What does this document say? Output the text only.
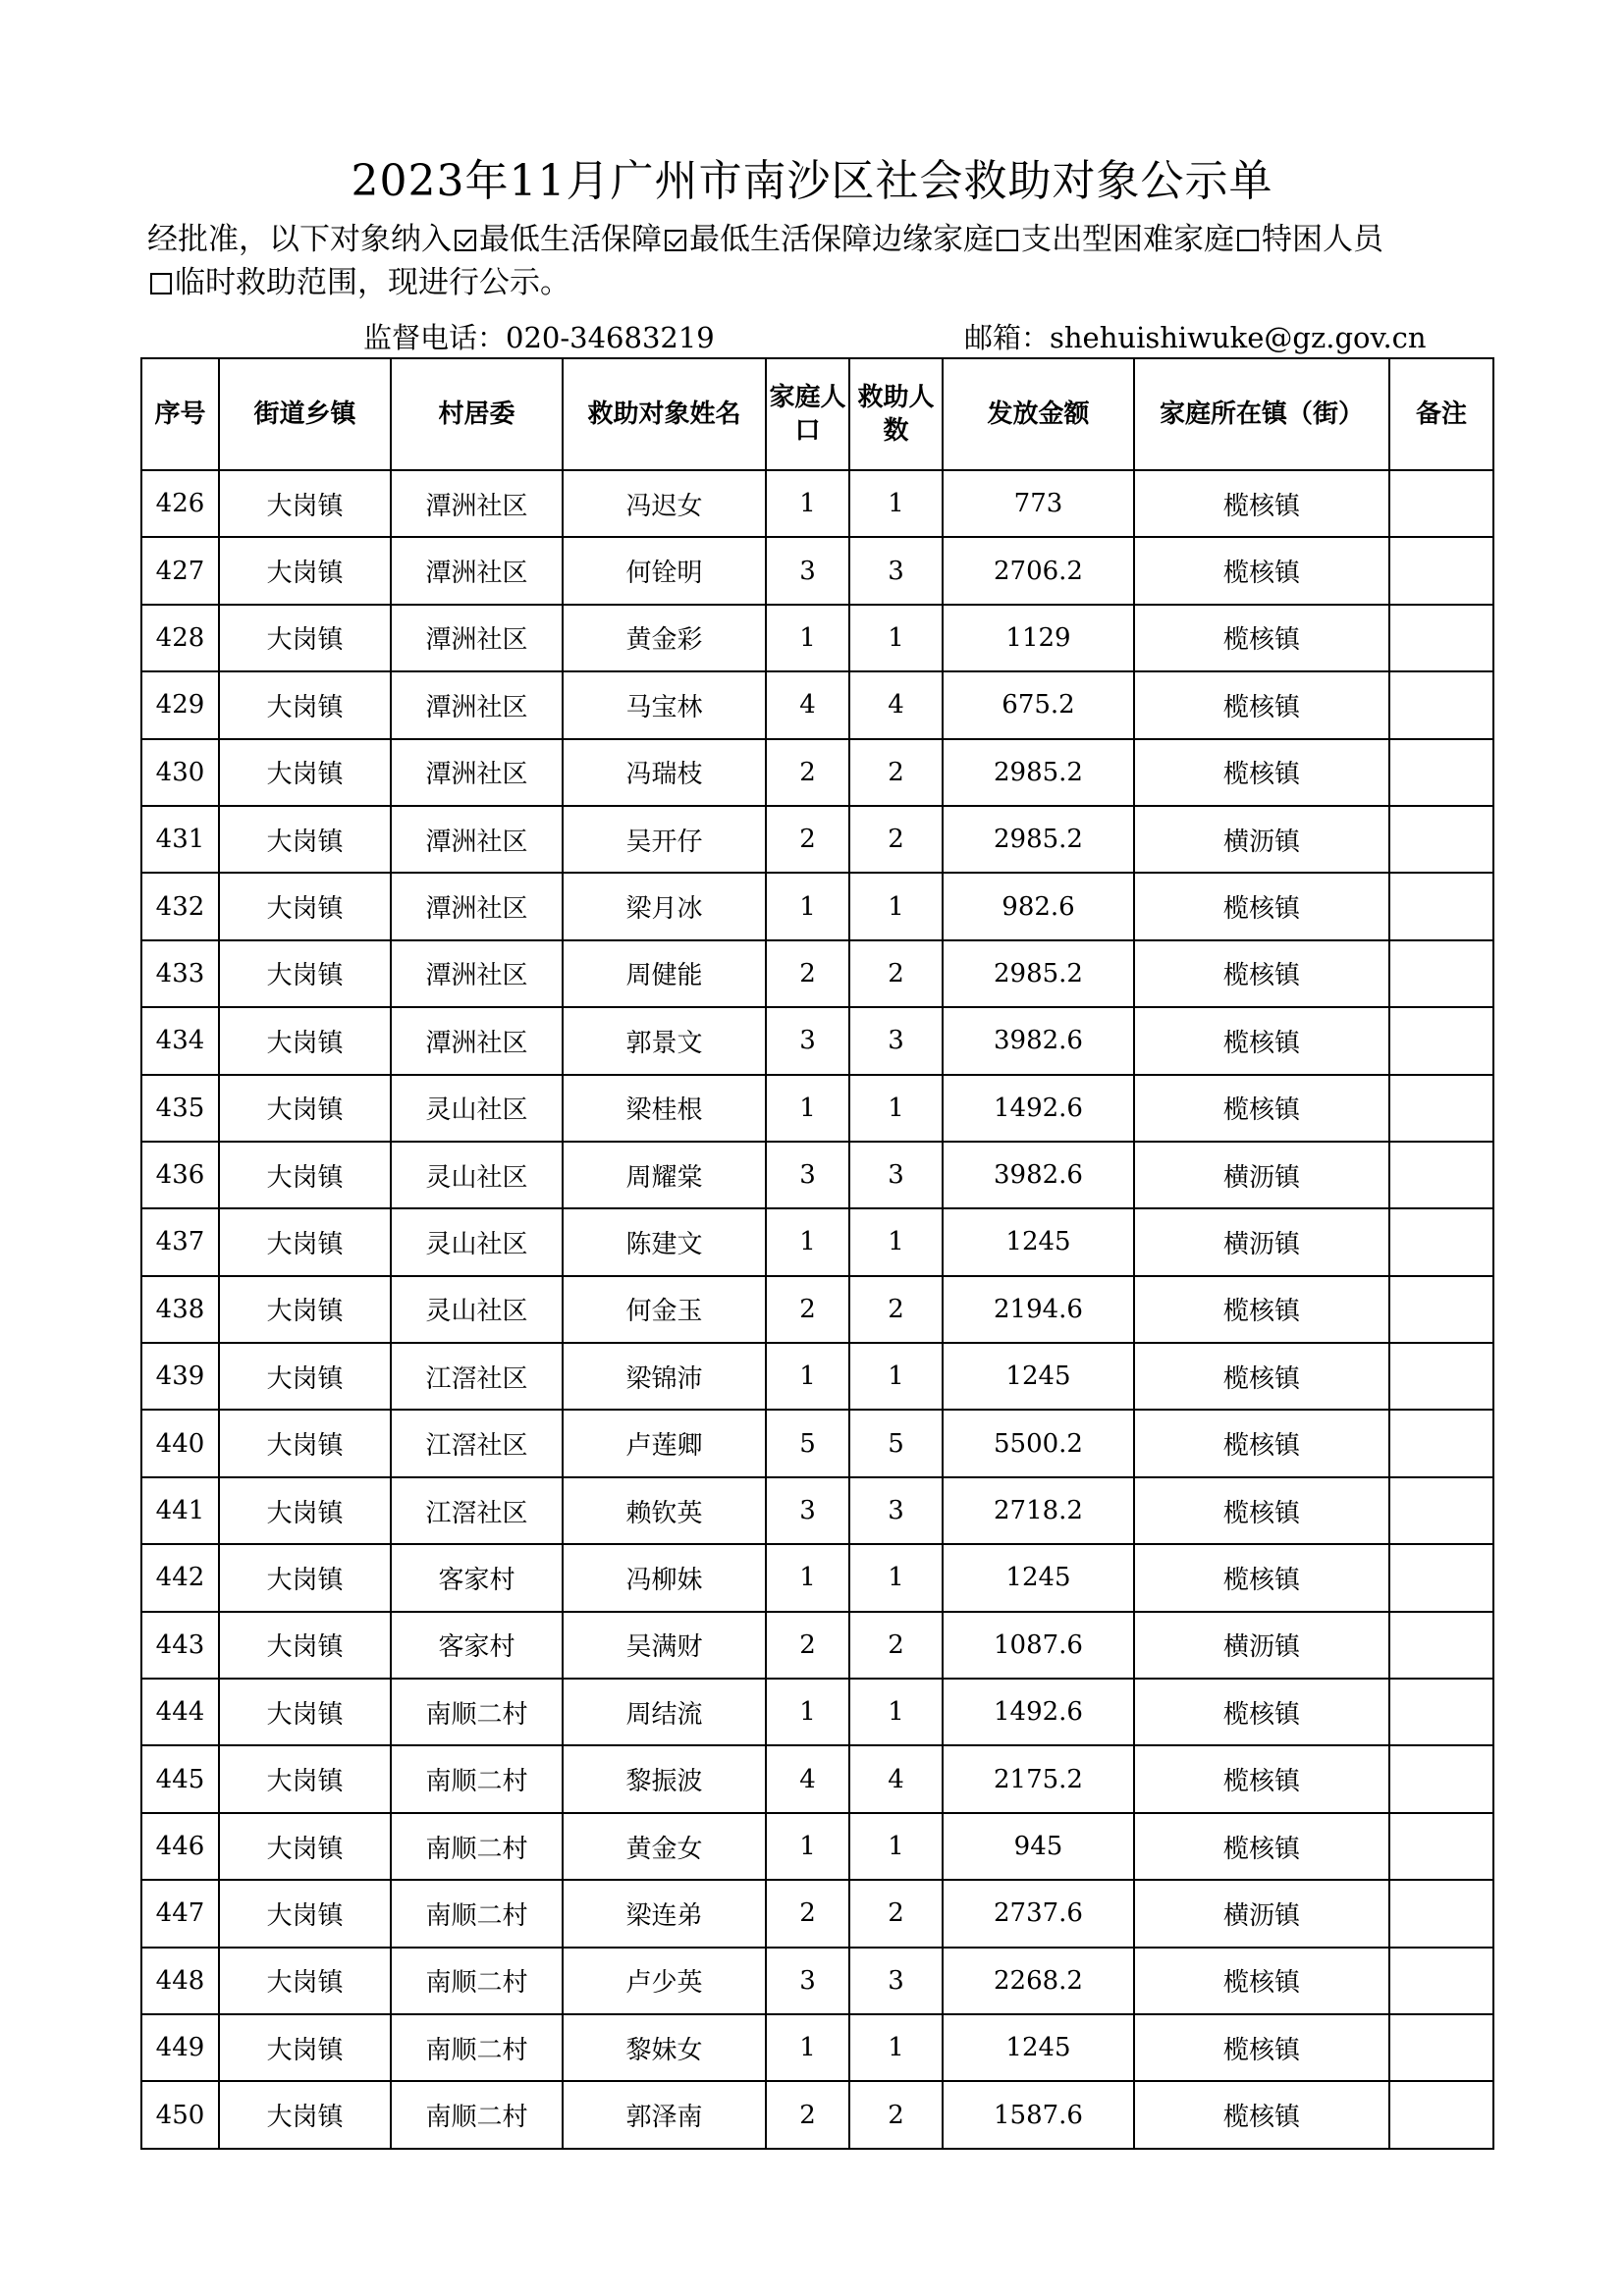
2023年11月广州市南沙区社会救助对象公示单
经批准，以下对象纳入 最低生活保障 最低生活保障边缘家庭 支出型困难家庭 特困人员
临时救助范围，现进行公示。
监督电话：020-34683219	邮箱：shehuishiwuke@gz.gov.cn
序号	街道乡镇	村居委	救助对象姓名	家庭人口	救助人数	发放金额	家庭所在镇（街）	备注
426	大岗镇	潭洲社区	冯迟女	1	1	773	榄核镇	
427	大岗镇	潭洲社区	何铨明	3	3	2706.2	榄核镇	
428	大岗镇	潭洲社区	黄金彩	1	1	1129	榄核镇	
429	大岗镇	潭洲社区	马宝林	4	4	675.2	榄核镇	
430	大岗镇	潭洲社区	冯瑞枝	2	2	2985.2	榄核镇	
431	大岗镇	潭洲社区	吴开仔	2	2	2985.2	横沥镇	
432	大岗镇	潭洲社区	梁月冰	1	1	982.6	榄核镇	
433	大岗镇	潭洲社区	周健能	2	2	2985.2	榄核镇	
434	大岗镇	潭洲社区	郭景文	3	3	3982.6	榄核镇	
435	大岗镇	灵山社区	梁桂根	1	1	1492.6	榄核镇	
436	大岗镇	灵山社区	周耀棠	3	3	3982.6	横沥镇	
437	大岗镇	灵山社区	陈建文	1	1	1245	横沥镇	
438	大岗镇	灵山社区	何金玉	2	2	2194.6	榄核镇	
439	大岗镇	江滘社区	梁锦沛	1	1	1245	榄核镇	
440	大岗镇	江滘社区	卢莲卿	5	5	5500.2	榄核镇	
441	大岗镇	江滘社区	赖钦英	3	3	2718.2	榄核镇	
442	大岗镇	客家村	冯柳妹	1	1	1245	榄核镇	
443	大岗镇	客家村	吴满财	2	2	1087.6	横沥镇	
444	大岗镇	南顺二村	周结流	1	1	1492.6	榄核镇	
445	大岗镇	南顺二村	黎振波	4	4	2175.2	榄核镇	
446	大岗镇	南顺二村	黄金女	1	1	945	榄核镇	
447	大岗镇	南顺二村	梁连弟	2	2	2737.6	横沥镇	
448	大岗镇	南顺二村	卢少英	3	3	2268.2	榄核镇	
449	大岗镇	南顺二村	黎妹女	1	1	1245	榄核镇	
450	大岗镇	南顺二村	郭泽南	2	2	1587.6	榄核镇	
